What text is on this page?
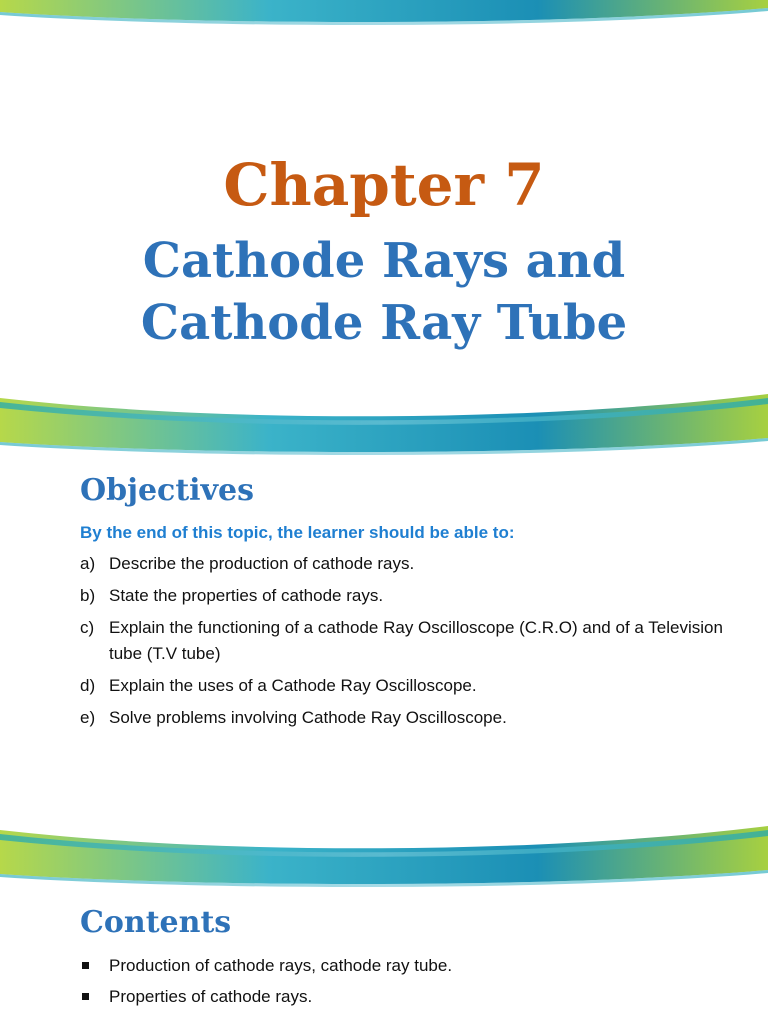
Chapter 7
Cathode Rays and
Cathode Ray Tube
Objectives

By the end of this topic, the learner should be able to:

a) Describe the production of cathode rays.
b) State the properties of cathode rays.
c) Explain the functioning of a cathode Ray Oscilloscope (C.R.O) and of a Television tube (T.V tube)
d) Explain the uses of a Cathode Ray Oscilloscope.
e) Solve problems involving Cathode Ray Oscilloscope.
Contents
Production of cathode rays, cathode ray tube.
Properties of cathode rays.
